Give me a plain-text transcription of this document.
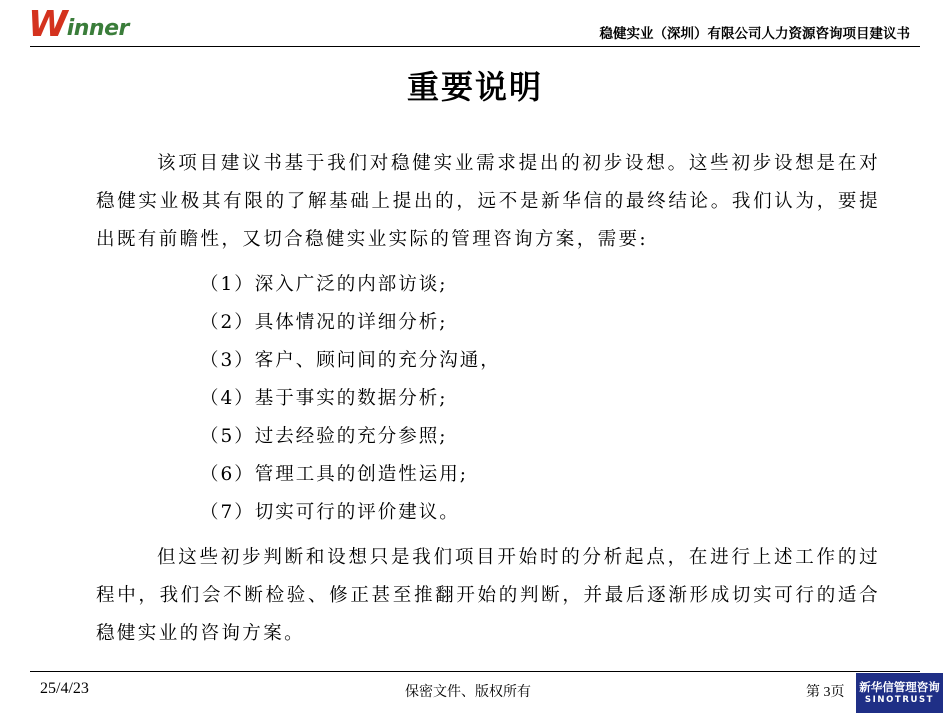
W inner	稳健实业（深圳）有限公司人力资源咨询项目建议书
重要说明
该项目建议书基于我们对稳健实业需求提出的初步设想。这些初步设想是在对稳健实业极其有限的了解基础上提出的，远不是新华信的最终结论。我们认为，要提出既有前瞻性，又切合稳健实业实际的管理咨询方案，需要:
（1）深入广泛的内部访谈;
（2）具体情况的详细分析;
（3）客户、顾问间的充分沟通，
（4）基于事实的数据分析;
（5）过去经验的充分参照;
（6）管理工具的创造性运用;
（7）切实可行的评价建议。
但这些初步判断和设想只是我们项目开始时的分析起点，在进行上述工作的过程中，我们会不断检验、修正甚至推翻开始的判断，并最后逐渐形成切实可行的适合稳健实业的咨询方案。
25/4/23	保密文件、版权所有	第 3页 新华信管理咨询
SINOTRUST
